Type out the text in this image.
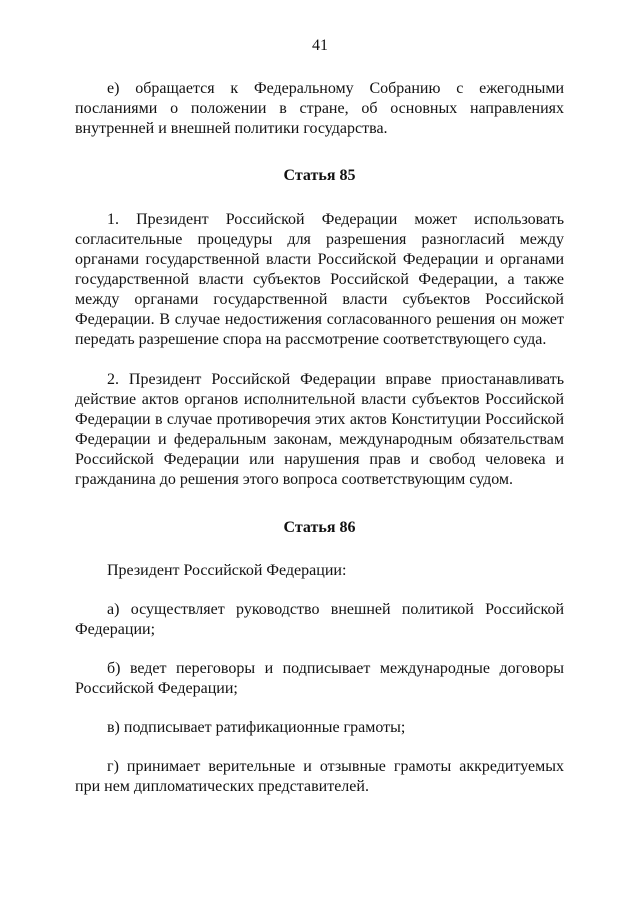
41

е) обращается к Федеральному Собранию с ежегодными посланиями о положении в стране, об основных направлениях внутренней и внешней политики государства.

Статья 85

1. Президент Российской Федерации может использовать согласительные процедуры для разрешения разногласий между органами государственной власти Российской Федерации и органами государственной власти субъектов Российской Федерации, а также между органами государственной власти субъектов Российской Федерации. В случае недостижения согласованного решения он может передать разрешение спора на рассмотрение соответствующего суда.

2. Президент Российской Федерации вправе приостанавливать действие актов органов исполнительной власти субъектов Российской Федерации в случае противоречия этих актов Конституции Российской Федерации и федеральным законам, международным обязательствам Российской Федерации или нарушения прав и свобод человека и гражданина до решения этого вопроса соответствующим судом.

Статья 86

Президент Российской Федерации:

а) осуществляет руководство внешней политикой Российской Федерации;

б) ведет переговоры и подписывает международные договоры Российской Федерации;

в) подписывает ратификационные грамоты;

г) принимает верительные и отзывные грамоты аккредитуемых при нем дипломатических представителей.
